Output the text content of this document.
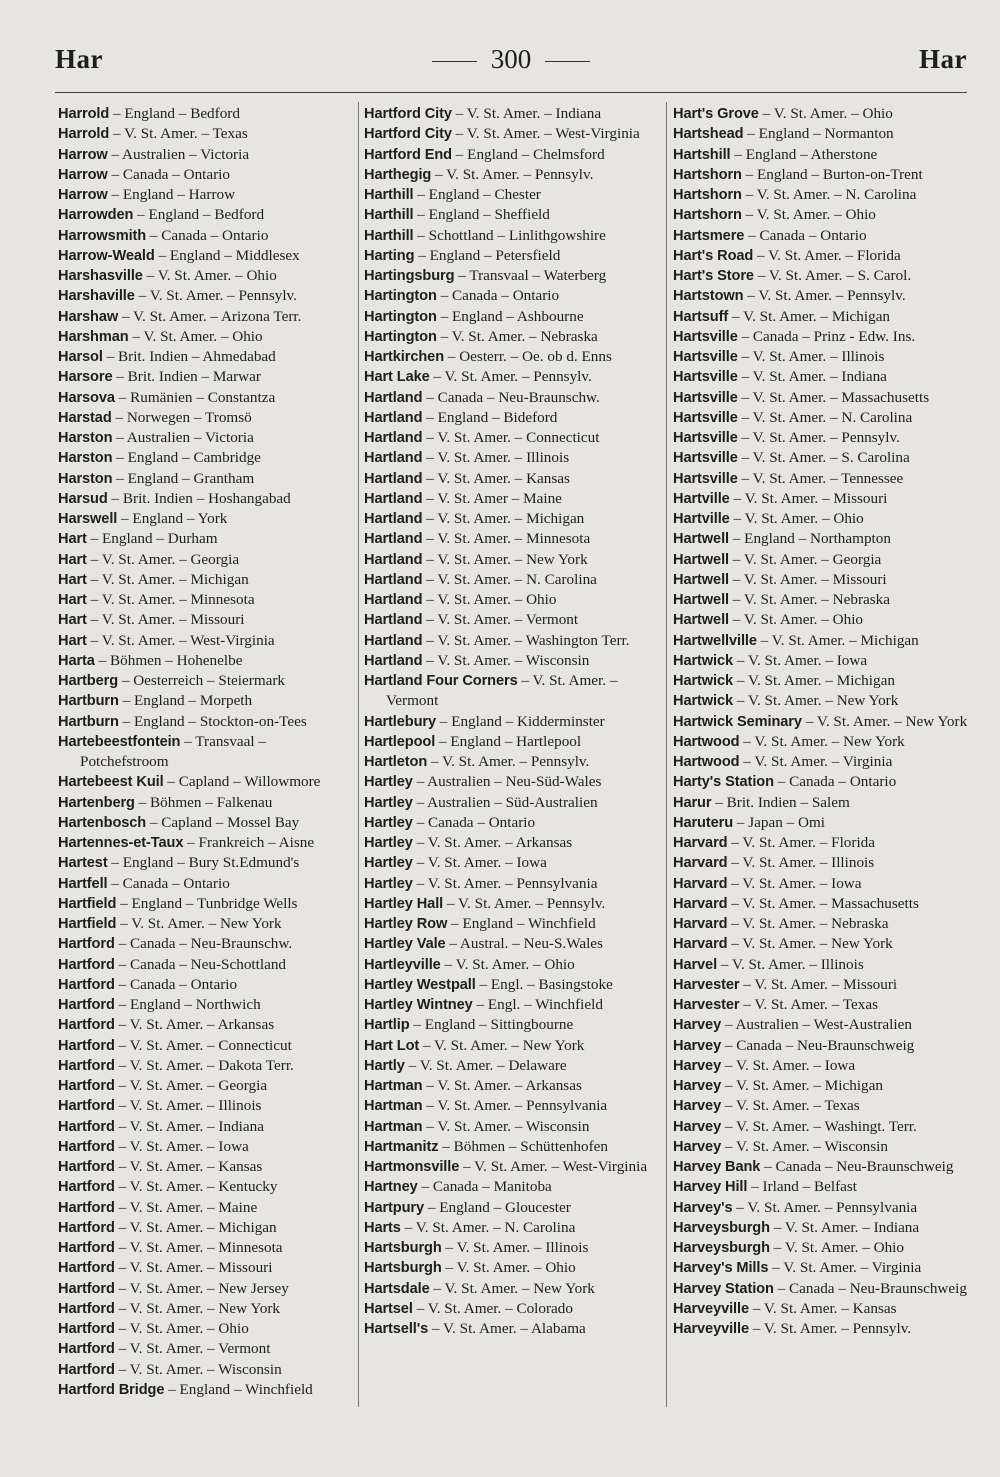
Har	300	Har
Harrold – England – Bedford
Harrold – V. St. Amer. – Texas
Harrow – Australien – Victoria
Harrow – Canada – Ontario
Harrow – England – Harrow
Harrowden – England – Bedford
Harrowsmith – Canada – Ontario
Harrow-Weald – England – Middlesex
Harshasville – V. St. Amer. – Ohio
Harshaville – V. St. Amer. – Pennsylv.
Harshaw – V. St. Amer. – Arizona Terr.
Harshman – V. St. Amer. – Ohio
Harsol – Brit. Indien – Ahmedabad
Harsore – Brit. Indien – Marwar
Harsova – Rumänien – Constantza
Harstad – Norwegen – Tromsö
Harston – Australien – Victoria
Harston – England – Cambridge
Harston – England – Grantham
Harsud – Brit. Indien – Hoshangabad
Harswell – England – York
Hart – England – Durham
Hart – V. St. Amer. – Georgia
Hart – V. St. Amer. – Michigan
Hart – V. St. Amer. – Minnesota
Hart – V. St. Amer. – Missouri
Hart – V. St. Amer. – West-Virginia
Harta – Böhmen – Hohenelbe
Hartberg – Oesterreich – Steiermark
Hartburn – England – Morpeth
Hartburn – England – Stockton-on-Tees
Hartebeestfontein – Transvaal – Potchefstroom
Hartebeest Kuil – Capland – Willowmore
Hartenberg – Böhmen – Falkenau
Hartenbosch – Capland – Mossel Bay
Hartennes-et-Taux – Frankreich – Aisne
Hartest – England – Bury St.Edmund's
Hartfell – Canada – Ontario
Hartfield – England – Tunbridge Wells
Hartfield – V. St. Amer. – New York
Hartford – Canada – Neu-Braunschw.
Hartford – Canada – Neu-Schottland
Hartford – Canada – Ontario
Hartford – England – Northwich
Hartford – V. St. Amer. – Arkansas
Hartford – V. St. Amer. – Connecticut
Hartford – V. St. Amer. – Dakota Terr.
Hartford – V. St. Amer. – Georgia
Hartford – V. St. Amer. – Illinois
Hartford – V. St. Amer. – Indiana
Hartford – V. St. Amer. – Iowa
Hartford – V. St. Amer. – Kansas
Hartford – V. St. Amer. – Kentucky
Hartford – V. St. Amer. – Maine
Hartford – V. St. Amer. – Michigan
Hartford – V. St. Amer. – Minnesota
Hartford – V. St. Amer. – Missouri
Hartford – V. St. Amer. – New Jersey
Hartford – V. St. Amer. – New York
Hartford – V. St. Amer. – Ohio
Hartford – V. St. Amer. – Vermont
Hartford – V. St. Amer. – Wisconsin
Hartford Bridge – England – Winchfield
Hartford City – V. St. Amer. – Indiana
Hartford City – V. St. Amer. – West-Virginia
Hartford End – England – Chelmsford
Harthegig – V. St. Amer. – Pennsylv.
Harthill – England – Chester
Harthill – England – Sheffield
Harthill – Schottland – Linlithgowshire
Harting – England – Petersfield
Hartingsburg – Transvaal – Waterberg
Hartington – Canada – Ontario
Hartington – England – Ashbourne
Hartington – V. St. Amer. – Nebraska
Hartkirchen – Oesterr. – Oe. ob d. Enns
Hart Lake – V. St. Amer. – Pennsylv.
Hartland – Canada – Neu-Braunschw.
Hartland – England – Bideford
Hartland – V. St. Amer. – Connecticut
Hartland – V. St. Amer. – Illinois
Hartland – V. St. Amer. – Kansas
Hartland – V. St. Amer – Maine
Hartland – V. St. Amer. – Michigan
Hartland – V. St. Amer. – Minnesota
Hartland – V. St. Amer. – New York
Hartland – V. St. Amer. – N. Carolina
Hartland – V. St. Amer. – Ohio
Hartland – V. St. Amer. – Vermont
Hartland – V. St. Amer. – Washington Terr.
Hartland – V. St. Amer. – Wisconsin
Hartland Four Corners – V. St. Amer. – Vermont
Hartlebury – England – Kidderminster
Hartlepool – England – Hartlepool
Hartleton – V. St. Amer. – Pennsylv.
Hartley – Australien – Neu-Süd-Wales
Hartley – Australien – Süd-Australien
Hartley – Canada – Ontario
Hartley – V. St. Amer. – Arkansas
Hartley – V. St. Amer. – Iowa
Hartley – V. St. Amer. – Pennsylvania
Hartley Hall – V. St. Amer. – Pennsylv.
Hartley Row – England – Winchfield
Hartley Vale – Austral. – Neu-S.Wales
Hartleyville – V. St. Amer. – Ohio
Hartley Westpall – Engl. – Basingstoke
Hartley Wintney – Engl. – Winchfield
Hartlip – England – Sittingbourne
Hart Lot – V. St. Amer. – New York
Hartly – V. St. Amer. – Delaware
Hartman – V. St. Amer. – Arkansas
Hartman – V. St. Amer. – Pennsylvania
Hartman – V. St. Amer. – Wisconsin
Hartmanitz – Böhmen – Schüttenhofen
Hartmonsville – V. St. Amer. – West-Virginia
Hartney – Canada – Manitoba
Hartpury – England – Gloucester
Harts – V. St. Amer. – N. Carolina
Hartsburgh – V. St. Amer. – Illinois
Hartsburgh – V. St. Amer. – Ohio
Hartsdale – V. St. Amer. – New York
Hartsel – V. St. Amer. – Colorado
Hartsell's – V. St. Amer. – Alabama
Hart's Grove – V. St. Amer. – Ohio
Hartshead – England – Normanton
Hartshill – England – Atherstone
Hartshorn – England – Burton-on-Trent
Hartshorn – V. St. Amer. – N. Carolina
Hartshorn – V. St. Amer. – Ohio
Hartsmere – Canada – Ontario
Hart's Road – V. St. Amer. – Florida
Hart's Store – V. St. Amer. – S. Carol.
Hartstown – V. St. Amer. – Pennsylv.
Hartsuff – V. St. Amer. – Michigan
Hartsville – Canada – Prinz - Edw. Ins.
Hartsville – V. St. Amer. – Illinois
Hartsville – V. St. Amer. – Indiana
Hartsville – V. St. Amer. – Massachusetts
Hartsville – V. St. Amer. – N. Carolina
Hartsville – V. St. Amer. – Pennsylv.
Hartsville – V. St. Amer. – S. Carolina
Hartsville – V. St. Amer. – Tennessee
Hartville – V. St. Amer. – Missouri
Hartville – V. St. Amer. – Ohio
Hartwell – England – Northampton
Hartwell – V. St. Amer. – Georgia
Hartwell – V. St. Amer. – Missouri
Hartwell – V. St. Amer. – Nebraska
Hartwell – V. St. Amer. – Ohio
Hartwellville – V. St. Amer. – Michigan
Hartwick – V. St. Amer. – Iowa
Hartwick – V. St. Amer. – Michigan
Hartwick – V. St. Amer. – New York
Hartwick Seminary – V. St. Amer. – New York
Hartwood – V. St. Amer. – New York
Hartwood – V. St. Amer. – Virginia
Harty's Station – Canada – Ontario
Harur – Brit. Indien – Salem
Haruteru – Japan – Omi
Harvard – V. St. Amer. – Florida
Harvard – V. St. Amer. – Illinois
Harvard – V. St. Amer. – Iowa
Harvard – V. St. Amer. – Massachusetts
Harvard – V. St. Amer. – Nebraska
Harvard – V. St. Amer. – New York
Harvel – V. St. Amer. – Illinois
Harvester – V. St. Amer. – Missouri
Harvester – V. St. Amer. – Texas
Harvey – Australien – West-Australien
Harvey – Canada – Neu-Braunschweig
Harvey – V. St. Amer. – Iowa
Harvey – V. St. Amer. – Michigan
Harvey – V. St. Amer. – Texas
Harvey – V. St. Amer. – Washingt. Terr.
Harvey – V. St. Amer. – Wisconsin
Harvey Bank – Canada – Neu-Braunschweig
Harvey Hill – Irland – Belfast
Harvey's – V. St. Amer. – Pennsylvania
Harveysburgh – V. St. Amer. – Indiana
Harveysburgh – V. St. Amer. – Ohio
Harvey's Mills – V. St. Amer. – Virginia
Harvey Station – Canada – Neu-Braunschweig
Harveyville – V. St. Amer. – Kansas
Harveyville – V. St. Amer. – Pennsylv.
